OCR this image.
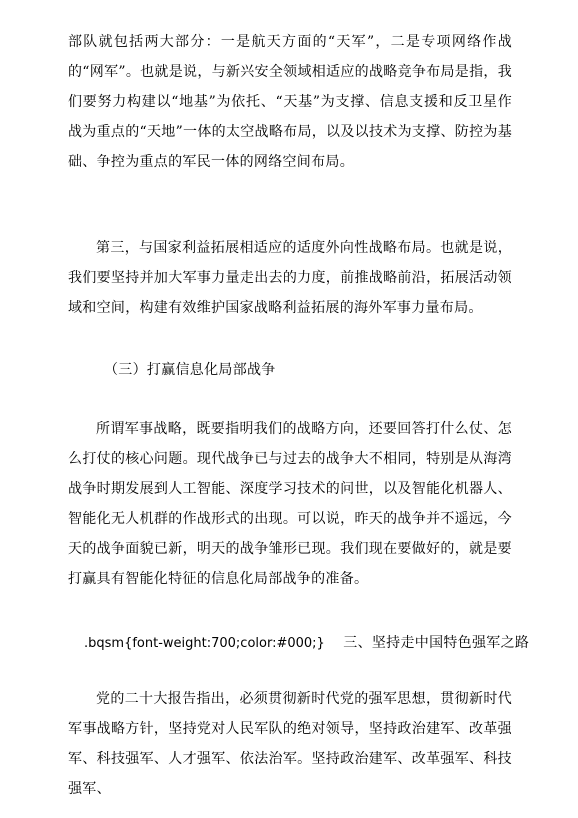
部队就包括两大部分：一是航天方面的“天军”，二是专项网络作战的“网军”。也就是说，与新兴安全领域相适应的战略竞争布局是指，我们要努力构建以“地基”为依托、“天基”为支撑、信息支援和反卫星作战为重点的“天地”一体的太空战略布局，以及以技术为支撑、防控为基础、争控为重点的军民一体的网络空间布局。

第三，与国家利益拓展相适应的适度外向性战略布局。也就是说，我们要坚持并加大军事力量走出去的力度，前推战略前沿，拓展活动领域和空间，构建有效维护国家战略利益拓展的海外军事力量布局。

（三）打赢信息化局部战争

所谓军事战略，既要指明我们的战略方向，还要回答打什么仗、怎么打仗的核心问题。现代战争已与过去的战争大不相同，特别是从海湾战争时期发展到人工智能、深度学习技术的问世，以及智能化机器人、智能化无人机群的作战形式的出现。可以说，昨天的战争并不遥远，今天的战争面貌已新，明天的战争雏形已现。我们现在要做好的，就是要打赢具有智能化特征的信息化局部战争的准备。

.bqsm{font-weight:700;color:#000;} 三、坚持走中国特色强军之路

党的二十大报告指出，必须贯彻新时代党的强军思想，贯彻新时代军事战略方针，坚持党对人民军队的绝对领导，坚持政治建军、改革强军、科技强军、人才强军、依法治军。坚持政治建军、改革强军、科技强军、
